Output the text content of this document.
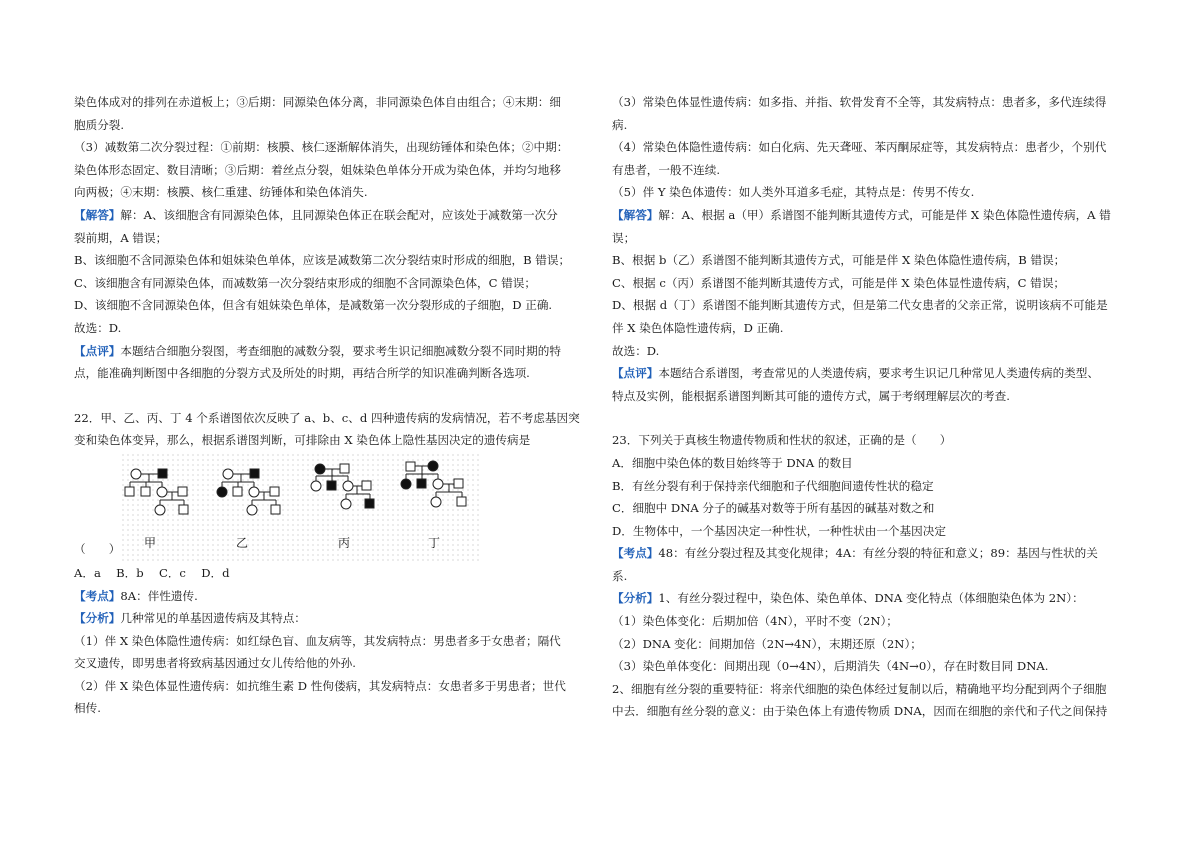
染色体成对的排列在赤道板上；③后期：同源染色体分离，非同源染色体自由组合；④末期：细

胞质分裂.

（3）减数第二次分裂过程：①前期：核膜、核仁逐渐解体消失，出现纺锤体和染色体；②中期：

染色体形态固定、数目清晰；③后期：着丝点分裂，姐妹染色单体分开成为染色体，并均匀地移

向两极；④末期：核膜、核仁重建、纺锤体和染色体消失.

【解答】解：A、该细胞含有同源染色体，且同源染色体正在联会配对，应该处于减数第一次分

裂前期，A 错误；

B、该细胞不含同源染色体和姐妹染色单体，应该是减数第二次分裂结束时形成的细胞，B 错误；

C、该细胞含有同源染色体，而减数第一次分裂结束形成的细胞不含同源染色体，C 错误；

D、该细胞不含同源染色体，但含有姐妹染色单体，是减数第一次分裂形成的子细胞，D 正确.

故选：D.

【点评】本题结合细胞分裂图，考查细胞的减数分裂，要求考生识记细胞减数分裂不同时期的特

点，能准确判断图中各细胞的分裂方式及所处的时期，再结合所学的知识准确判断各选项.

22．甲、乙、丙、丁 4 个系谱图依次反映了 a、b、c、d 四种遗传病的发病情况，若不考虑基因突

变和染色体变异，那么，根据系谱图判断，可排除由 X 染色体上隐性基因决定的遗传病是

甲	乙	丙	丁
（　　）

A．a　 B．b　 C．c　 D．d

【考点】8A：伴性遗传.

【分析】几种常见的单基因遗传病及其特点：

（1）伴 X 染色体隐性遗传病：如红绿色盲、血友病等，其发病特点：男患者多于女患者；隔代

交叉遗传，即男患者将致病基因通过女儿传给他的外孙.

（2）伴 X 染色体显性遗传病：如抗维生素 D 性佝偻病，其发病特点：女患者多于男患者；世代

相传.

（3）常染色体显性遗传病：如多指、并指、软骨发育不全等，其发病特点：患者多，多代连续得

病.

（4）常染色体隐性遗传病：如白化病、先天聋哑、苯丙酮尿症等，其发病特点：患者少，个别代

有患者，一般不连续.

（5）伴 Y 染色体遗传：如人类外耳道多毛症，其特点是：传男不传女.

【解答】解：A、根据 a（甲）系谱图不能判断其遗传方式，可能是伴 X 染色体隐性遗传病，A 错

误；

B、根据 b（乙）系谱图不能判断其遗传方式，可能是伴 X 染色体隐性遗传病，B 错误；

C、根据 c（丙）系谱图不能判断其遗传方式，可能是伴 X 染色体显性遗传病，C 错误；

D、根据 d（丁）系谱图不能判断其遗传方式，但是第二代女患者的父亲正常，说明该病不可能是

伴 X 染色体隐性遗传病，D 正确.

故选：D.

【点评】本题结合系谱图，考查常见的人类遗传病，要求考生识记几种常见人类遗传病的类型、

特点及实例，能根据系谱图判断其可能的遗传方式，属于考纲理解层次的考查.

23．下列关于真核生物遗传物质和性状的叙述，正确的是（　　）

A．细胞中染色体的数目始终等于 DNA 的数目

B．有丝分裂有利于保持亲代细胞和子代细胞间遗传性状的稳定

C．细胞中 DNA 分子的碱基对数等于所有基因的碱基对数之和

D．生物体中，一个基因决定一种性状，一种性状由一个基因决定

【考点】48：有丝分裂过程及其变化规律；4A：有丝分裂的特征和意义；89：基因与性状的关

系.

【分析】1、有丝分裂过程中，染色体、染色单体、DNA 变化特点（体细胞染色体为 2N）：

（1）染色体变化：后期加倍（4N），平时不变（2N）；

（2）DNA 变化：间期加倍（2N→4N），末期还原（2N）；

（3）染色单体变化：间期出现（0→4N），后期消失（4N→0），存在时数目同 DNA.

2、细胞有丝分裂的重要特征：将亲代细胞的染色体经过复制以后，精确地平均分配到两个子细胞

中去．细胞有丝分裂的意义：由于染色体上有遗传物质 DNA，因而在细胞的亲代和子代之间保持
